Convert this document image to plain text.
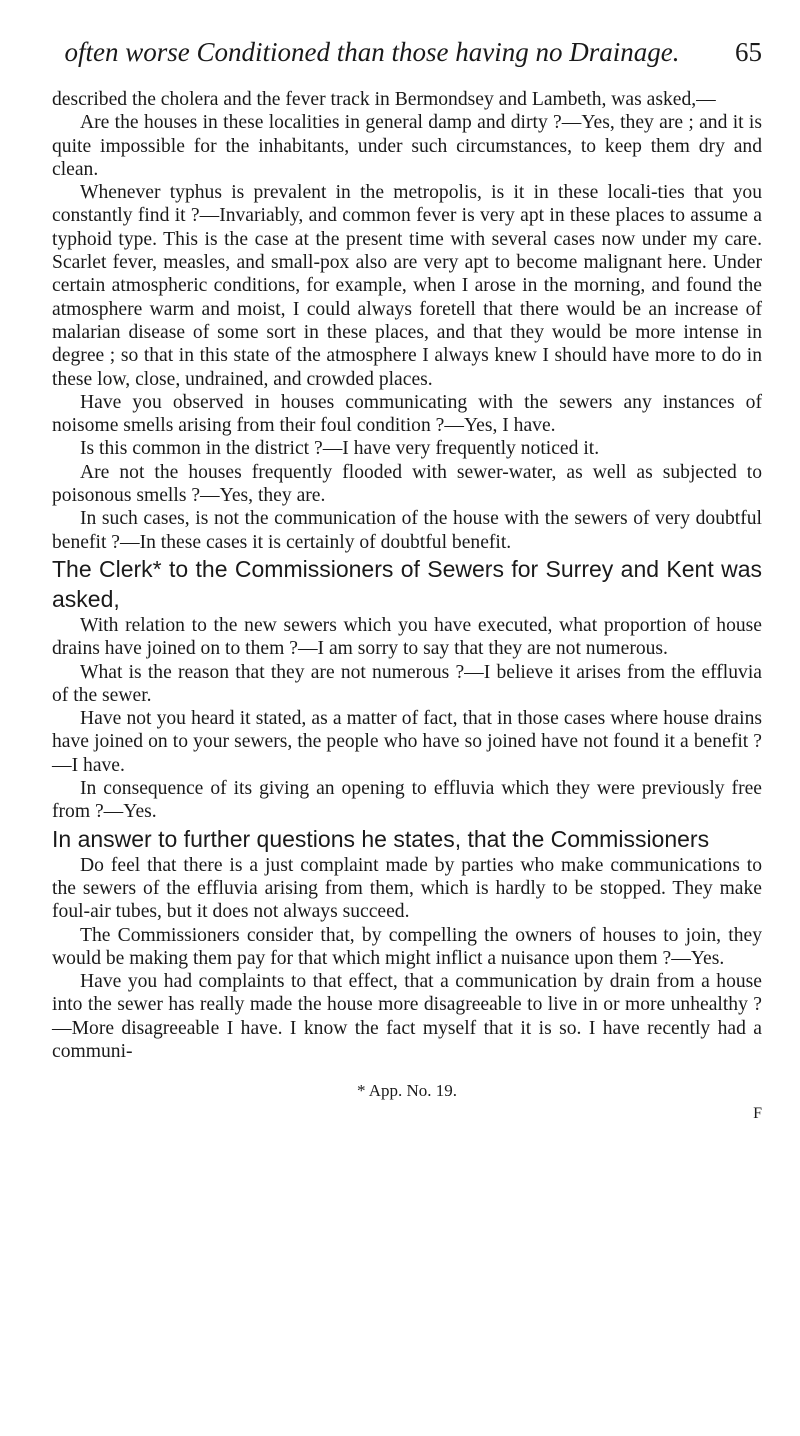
often worse Conditioned than those having no Drainage.	65

described the cholera and the fever track in Bermondsey and Lambeth, was asked,—

Are the houses in these localities in general damp and dirty ?—Yes, they are ; and it is quite impossible for the inhabitants, under such circumstances, to keep them dry and clean.

Whenever typhus is prevalent in the metropolis, is it in these locali-ties that you constantly find it ?—Invariably, and common fever is very apt in these places to assume a typhoid type. This is the case at the present time with several cases now under my care. Scarlet fever, measles, and small-pox also are very apt to become malignant here. Under certain atmospheric conditions, for example, when I arose in the morning, and found the atmosphere warm and moist, I could always foretell that there would be an increase of malarian disease of some sort in these places, and that they would be more intense in degree ; so that in this state of the atmosphere I always knew I should have more to do in these low, close, undrained, and crowded places.

Have you observed in houses communicating with the sewers any instances of noisome smells arising from their foul condition ?—Yes, I have.

Is this common in the district ?—I have very frequently noticed it.

Are not the houses frequently flooded with sewer-water, as well as subjected to poisonous smells ?—Yes, they are.

In such cases, is not the communication of the house with the sewers of very doubtful benefit ?—In these cases it is certainly of doubtful benefit.

The Clerk* to the Commissioners of Sewers for Surrey and Kent was asked,

With relation to the new sewers which you have executed, what proportion of house drains have joined on to them ?—I am sorry to say that they are not numerous.

What is the reason that they are not numerous ?—I believe it arises from the effluvia of the sewer.

Have not you heard it stated, as a matter of fact, that in those cases where house drains have joined on to your sewers, the people who have so joined have not found it a benefit ?—I have.

In consequence of its giving an opening to effluvia which they were previously free from ?—Yes.

In answer to further questions he states, that the Commissioners

Do feel that there is a just complaint made by parties who make communications to the sewers of the effluvia arising from them, which is hardly to be stopped. They make foul-air tubes, but it does not always succeed.

The Commissioners consider that, by compelling the owners of houses to join, they would be making them pay for that which might inflict a nuisance upon them ?—Yes.

Have you had complaints to that effect, that a communication by drain from a house into the sewer has really made the house more disagreeable to live in or more unhealthy ?—More disagreeable I have. I know the fact myself that it is so. I have recently had a communi-

* App. No. 19.
F
